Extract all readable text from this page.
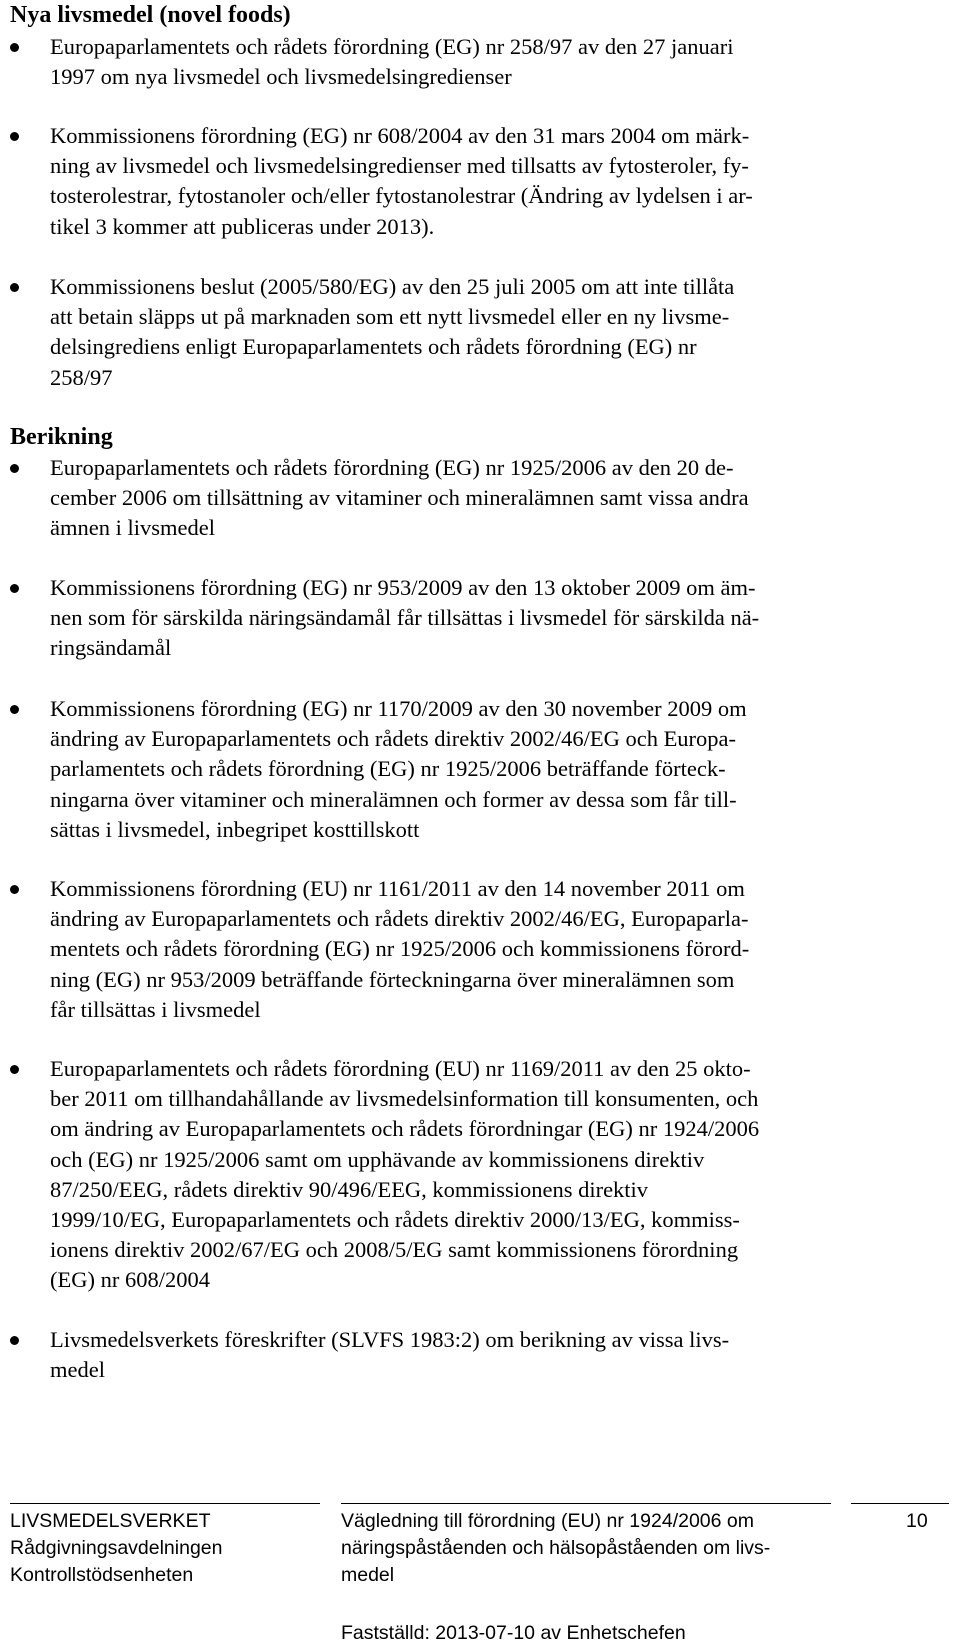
Nya livsmedel (novel foods)
Europaparlamentets och rådets förordning (EG) nr 258/97 av den 27 januari
1997 om nya livsmedel och livsmedelsingredienser
Kommissionens förordning (EG) nr 608/2004 av den 31 mars 2004 om märk-
ning av livsmedel och livsmedelsingredienser med tillsatts av fytosteroler, fy-
tosterolestrar, fytostanoler och/eller fytostanolestrar (Ändring av lydelsen i ar-
tikel 3 kommer att publiceras under 2013).
Kommissionens beslut (2005/580/EG) av den 25 juli 2005 om att inte tillåta
att betain släpps ut på marknaden som ett nytt livsmedel eller en ny livsme-
delsingrediens enligt Europaparlamentets och rådets förordning (EG) nr
258/97
Berikning
Europaparlamentets och rådets förordning (EG) nr 1925/2006 av den 20 de-
cember 2006 om tillsättning av vitaminer och mineralämnen samt vissa andra
ämnen i livsmedel
Kommissionens förordning (EG) nr 953/2009 av den 13 oktober 2009 om äm-
nen som för särskilda näringsändamål får tillsättas i livsmedel för särskilda nä-
ringsändamål
Kommissionens förordning (EG) nr 1170/2009 av den 30 november 2009 om
ändring av Europaparlamentets och rådets direktiv 2002/46/EG och Europa-
parlamentets och rådets förordning (EG) nr 1925/2006 beträffande förteck-
ningarna över vitaminer och mineralämnen och former av dessa som får till-
sättas i livsmedel, inbegripet kosttillskott
Kommissionens förordning (EU) nr 1161/2011 av den 14 november 2011 om
ändring av Europaparlamentets och rådets direktiv 2002/46/EG, Europaparla-
mentets och rådets förordning (EG) nr 1925/2006 och kommissionens förord-
ning (EG) nr 953/2009 beträffande förteckningarna över mineralämnen som
får tillsättas i livsmedel
Europaparlamentets och rådets förordning (EU) nr 1169/2011 av den 25 okto-
ber 2011 om tillhandahållande av livsmedelsinformation till konsumenten, och
om ändring av Europaparlamentets och rådets förordningar (EG) nr 1924/2006
och (EG) nr 1925/2006 samt om upphävande av kommissionens direktiv
87/250/EEG, rådets direktiv 90/496/EEG, kommissionens direktiv
1999/10/EG, Europaparlamentets och rådets direktiv 2000/13/EG, kommiss-
ionens direktiv 2002/67/EG och 2008/5/EG samt kommissionens förordning
(EG) nr 608/2004
Livsmedelsverkets föreskrifter (SLVFS 1983:2) om berikning av vissa livs-
medel
LIVSMEDELSVERKET
Rådgivningsavdelningen
Kontrollstödsenheten
Vägledning till förordning (EU) nr 1924/2006 om
näringspåståenden och hälsopåståenden om livs-
medel
10
Fastställd: 2013-07-10 av Enhetschefen
